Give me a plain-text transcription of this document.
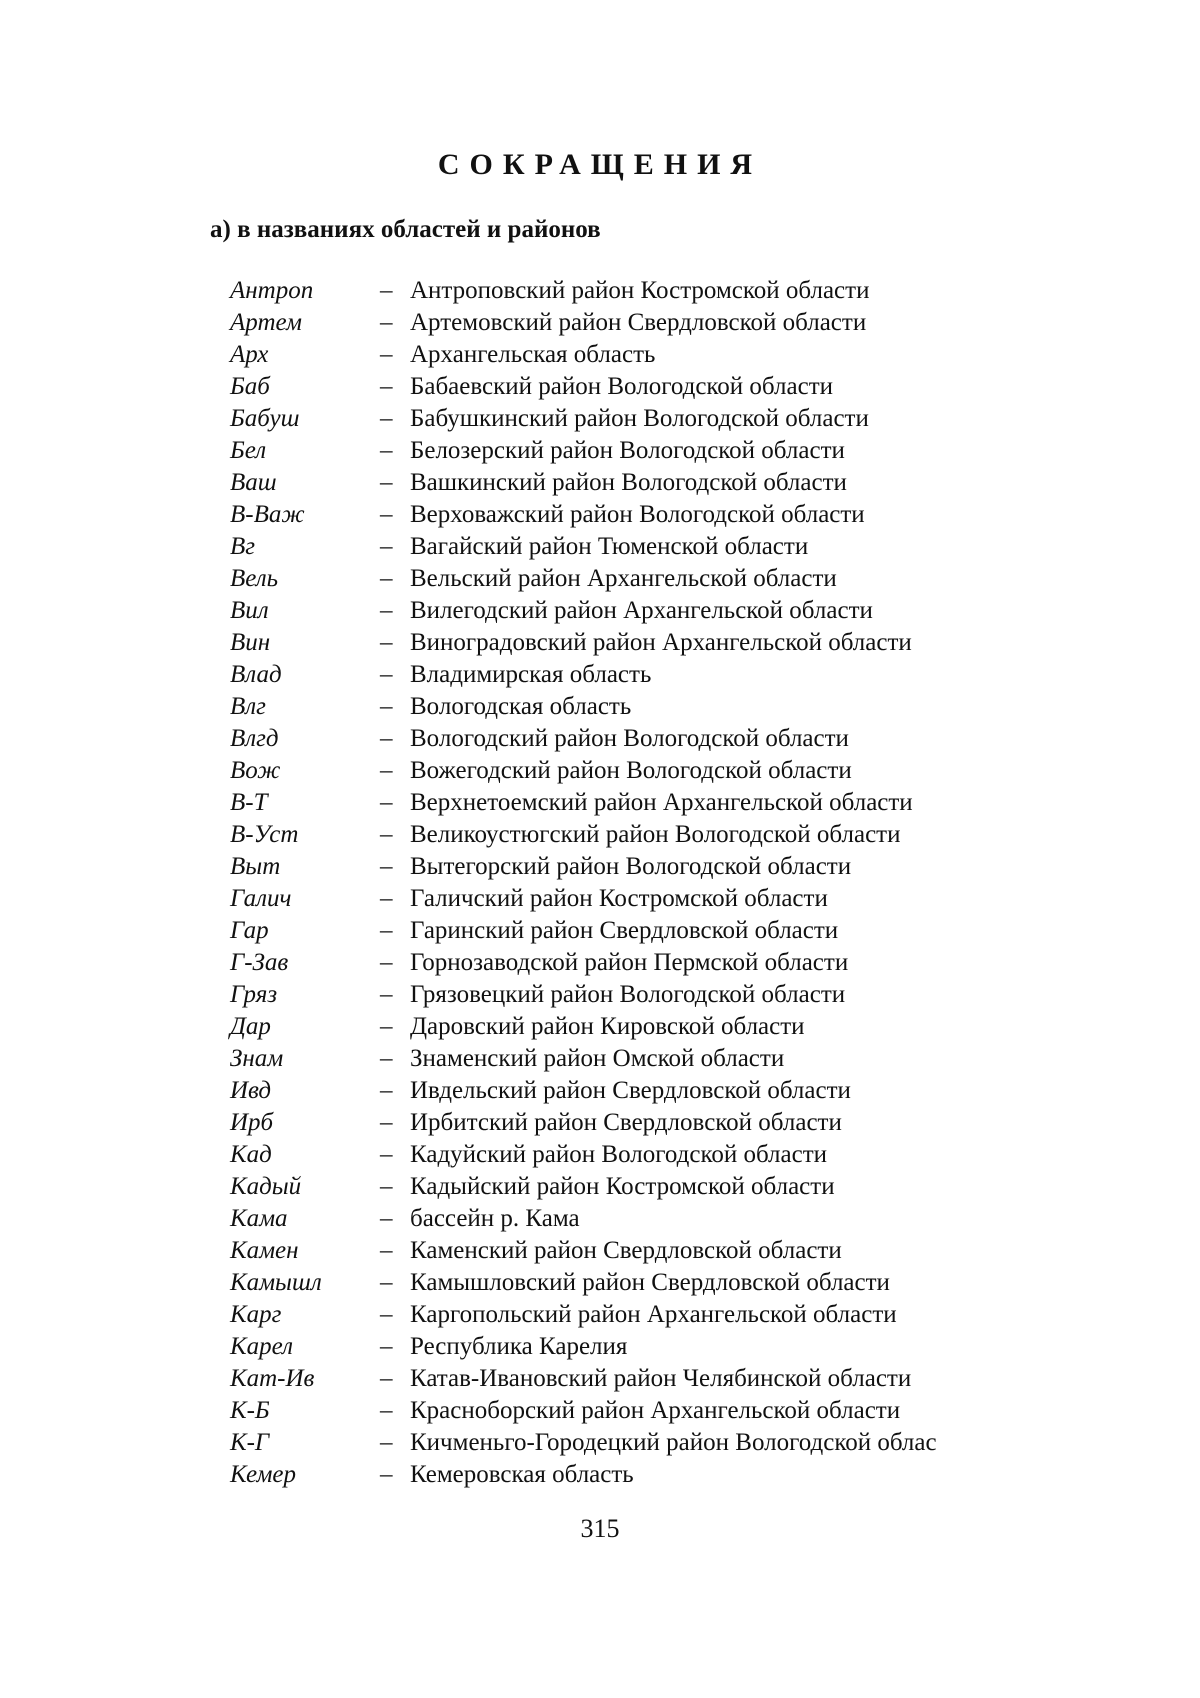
СОКРАЩЕНИЯ
а) в названиях областей и районов
Антроп	– Антроповский район Костромской области
Артем	– Артемовский район Свердловской области
Арх	– Архангельская область
Баб	– Бабаевский район Вологодской области
Бабуш	– Бабушкинский район Вологодской области
Бел	– Белозерский район Вологодской области
Ваш	– Вашкинский район Вологодской области
В-Важ	– Верховажский район Вологодской области
Вг	– Вагайский район Тюменской области
Вель	– Вельский район Архангельской области
Вил	– Вилегодский район Архангельской области
Вин	– Виноградовский район Архангельской области
Влад	– Владимирская область
Влг	– Вологодская область
Влгд	– Вологодский район Вологодской области
Вож	– Вожегодский район Вологодской области
В-Т	– Верхнетоемский район Архангельской области
В-Уст	– Великоустюгский район Вологодской области
Выт	– Вытегорский район Вологодской области
Галич	– Галичский район Костромской области
Гар	– Гаринский район Свердловской области
Г-Зав	– Горнозаводской район Пермской области
Гряз	– Грязовецкий район Вологодской области
Дар	– Даровский район Кировской области
Знам	– Знаменский район Омской области
Ивд	– Ивдельский район Свердловской области
Ирб	– Ирбитский район Свердловской области
Кад	– Кадуйский район Вологодской области
Кадый	– Кадыйский район Костромской области
Кама	– бассейн р. Кама
Камен	– Каменский район Свердловской области
Камышл – Камышловский район Свердловской области
Карг	– Каргопольский район Архангельской области
Карел	– Республика Карелия
Кат-Ив	– Катав-Ивановский район Челябинской области
К-Б	– Красноборский район Архангельской области
К-Г	– Кичменьго-Городецкий район Вологодской облас
Кемер	– Кемеровская область
315
